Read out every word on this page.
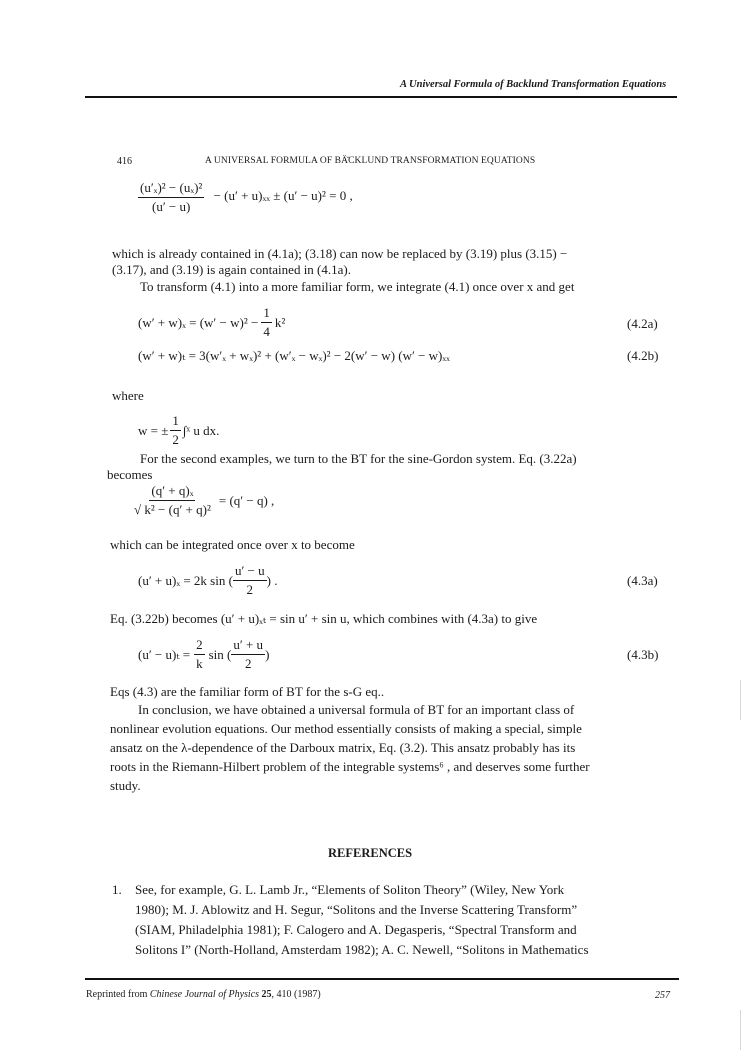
A Universal Formula of Backlund Transformation Equations
416	A UNIVERSAL FORMULA OF BÄ̆CKLUND TRANSFORMATION EQUATIONS
$\frac{\text{(u′ₓ)² − (uₓ)²}}{(u' - u)} - (u' + u)_{xx} \pm (u' - u)^2 = 0$ ,
which is already contained in (4.1a); (3.18) can now be replaced by (3.19) plus (3.15) −
(3.17), and (3.19) is again contained in (4.1a).
To transform (4.1) into a more familiar form, we integrate (4.1) once over x and get
$(w' + w)_x = (w' - w)^2 - \frac{1}{4} k^2$	(4.2a)
(w′ + w)ₜ = 3(w′ₓ + wₓ)² + (w′ₓ − wₓ)² − 2(w′ − w) (w′ − w)ₓₓ	(4.2b)
where
w = ± $\frac{1}{2}$ ∫ˣ u dx.
For the second examples, we turn to the BT for the sine-Gordon system. Eq. (3.22a)
becomes
$\frac{\text{(q′ + q)ₓ}}{\text{√ k² − (q′ + q)²}} = (q' - q)$ ,
which can be integrated once over x to become
(u′ + u)ₓ = 2k sin ( $\frac{u' - u}{2}$ ) .	(4.3a)
Eq. (3.22b) becomes (u′ + u)ₓₜ = sin u′ + sin u, which combines with (4.3a) to give
$(u' - u)_t = \frac{2}{k}$ sin ( $\frac{u' + u}{2}$ )	(4.3b)
Eqs (4.3) are the familiar form of BT for the s-G eq..
In conclusion, we have obtained a universal formula of BT for an important class of
nonlinear evolution equations. Our method essentially consists of making a special, simple
ansatz on the λ-dependence of the Darboux matrix, Eq. (3.2). This ansatz probably has its
roots in the Riemann-Hilbert problem of the integrable systems⁶ , and deserves some further
study.
REFERENCES
1. See, for example, G. L. Lamb Jr., “Elements of Soliton Theory” (Wiley, New York
1980); M. J. Ablowitz and H. Segur, “Solitons and the Inverse Scattering Transform”
(SIAM, Philadelphia 1981); F. Calogero and A. Degasperis, “Spectral Transform and
Solitons I” (North-Holland, Amsterdam 1982); A. C. Newell, “Solitons in Mathematics
Reprinted from Chinese Journal of Physics 25, 410 (1987)	257
